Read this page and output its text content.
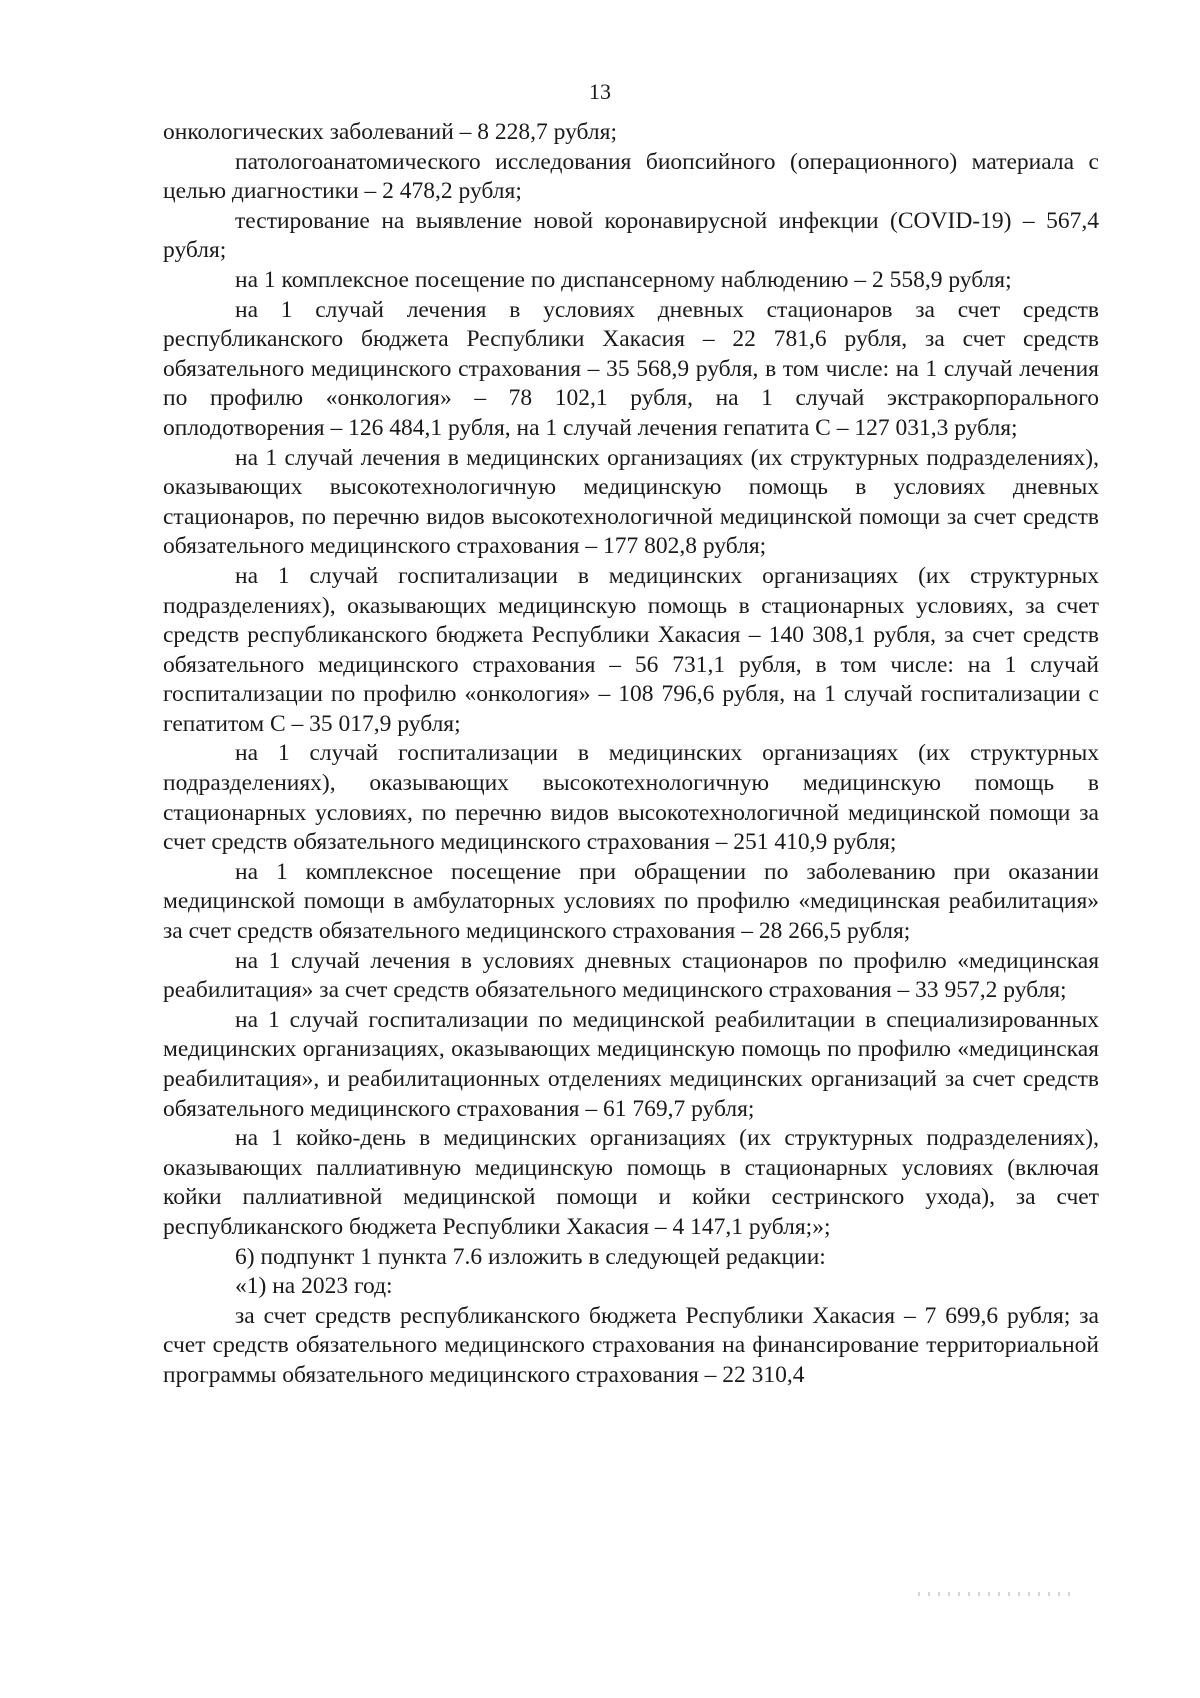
13

онкологических заболеваний – 8 228,7 рубля;

патологоанатомического исследования биопсийного (операционного) материала с целью диагностики – 2 478,2 рубля;

тестирование на выявление новой коронавирусной инфекции (COVID-19) – 567,4 рубля;

на 1 комплексное посещение по диспансерному наблюдению – 2 558,9 рубля;

на 1 случай лечения в условиях дневных стационаров за счет средств республиканского бюджета Республики Хакасия – 22 781,6 рубля, за счет средств обязательного медицинского страхования – 35 568,9 рубля, в том числе: на 1 случай лечения по профилю «онкология» – 78 102,1 рубля, на 1 случай экстракорпорального оплодотворения – 126 484,1 рубля, на 1 случай лечения гепатита С – 127 031,3 рубля;

на 1 случай лечения в медицинских организациях (их структурных подразделениях), оказывающих высокотехнологичную медицинскую помощь в условиях дневных стационаров, по перечню видов высокотехнологичной медицинской помощи за счет средств обязательного медицинского страхования – 177 802,8 рубля;

на 1 случай госпитализации в медицинских организациях (их структурных подразделениях), оказывающих медицинскую помощь в стационарных условиях, за счет средств республиканского бюджета Республики Хакасия – 140 308,1 рубля, за счет средств обязательного медицинского страхования – 56 731,1 рубля, в том числе: на 1 случай госпитализации по профилю «онкология» – 108 796,6 рубля, на 1 случай госпитализации с гепатитом С – 35 017,9 рубля;

на 1 случай госпитализации в медицинских организациях (их структурных подразделениях), оказывающих высокотехнологичную медицинскую помощь в стационарных условиях, по перечню видов высокотехнологичной медицинской помощи за счет средств обязательного медицинского страхования – 251 410,9 рубля;

на 1 комплексное посещение при обращении по заболеванию при оказании медицинской помощи в амбулаторных условиях по профилю «медицинская реабилитация» за счет средств обязательного медицинского страхования – 28 266,5 рубля;

на 1 случай лечения в условиях дневных стационаров по профилю «медицинская реабилитация» за счет средств обязательного медицинского страхования – 33 957,2 рубля;

на 1 случай госпитализации по медицинской реабилитации в специализированных медицинских организациях, оказывающих медицинскую помощь по профилю «медицинская реабилитация», и реабилитационных отделениях медицинских организаций за счет средств обязательного медицинского страхования – 61 769,7 рубля;

на 1 койко-день в медицинских организациях (их структурных подразделениях), оказывающих паллиативную медицинскую помощь в стационарных условиях (включая койки паллиативной медицинской помощи и койки сестринского ухода), за счет республиканского бюджета Республики Хакасия – 4 147,1 рубля;»;

6) подпункт 1 пункта 7.6 изложить в следующей редакции:

«1) на 2023 год:

за счет средств республиканского бюджета Республики Хакасия – 7 699,6 рубля; за счет средств обязательного медицинского страхования на финансирование территориальной программы обязательного медицинского страхования – 22 310,4
